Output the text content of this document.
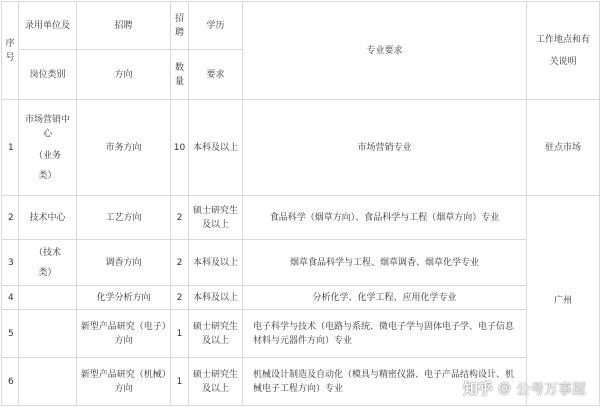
序
号	录用单位及	招聘	招
聘	学历	专业要求	工作地点和有
关说明

	岗位类别	方向	数
量	要求		
1	市场营销中
心
（业务
类）	市务方向	10	本科及以上	市场营销专业	驻点市场
2	技术中心	工艺方向	2	硕士研究生及以上	食品科学（烟草方向）、食品科学与工程（烟草方向）专业	广州
3	（技术
类）	调香方向	2	本科及以上	烟草食品科学与工程、烟草调香、烟草化学专业	
4		化学分析方向	2	本科及以上	分析化学、化学工程、应用化学专业	
5		新型产品研究（电子）方向	1	硕士研究生及以上	电子科学与技术（电路与系统、微电子学与固体电子学、电子信息材料与元器件方向）专业	
6		新型产品研究（机械）方向	1	硕士研究生及以上	机械设计制造及自动化（模具与精密仪器、电子产品结构设计、机械电子工程方向）专业		知乎 @ 公考万事屋
